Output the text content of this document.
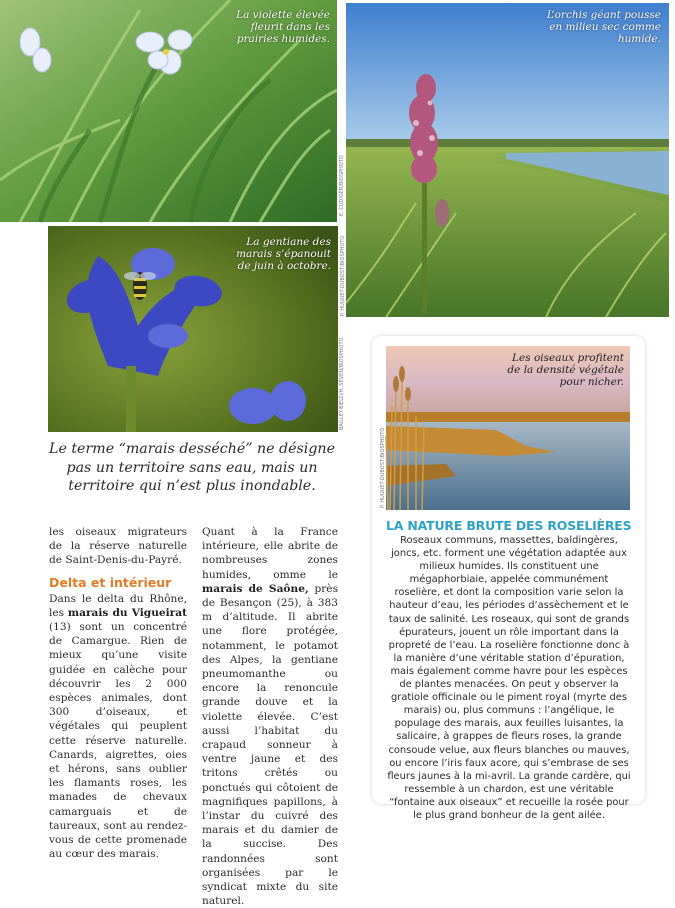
La violette élevée fleurit dans les prairies humides.
L’orchis géant pousse en milieu sec comme humide.
La gentiane des marais s’épanouit de juin à octobre.
E. CUDIGER/BIOSPHOTO
P. HUGUET-DUBOST/BIOSPHOTO
BAILLEY-BIELD/H. SEVEN/BIOSPHOTO
Le terme “marais desséché” ne désigne pas un territoire sans eau, mais un territoire qui n’est plus inondable.

les oiseaux migrateurs de la réserve naturelle de Saint-Denis-du-Payré.

Delta et intérieur

Dans le delta du Rhône, les marais du Vigueirat (13) sont un concentré de Camargue. Rien de mieux qu’une visite guidée en calèche pour découvrir les 2 000 espèces animales, dont 300 d’oiseaux, et végétales qui peuplent cette réserve naturelle. Canards, aigrettes, oies et hérons, sans oublier les flamants roses, les manades de chevaux camarguais et de taureaux, sont au rendez-vous de cette promenade au cœur des marais.

Quant à la France intérieure, elle abrite de nombreuses zones humides, omme le marais de Saône, près de Besançon (25), à 383 m d’altitude. Il abrite une flore protégée, notamment, le potamot des Alpes, la gentiane pneumomanthe ou encore la renoncule grande douve et la violette élevée. C’est aussi l’habitat du crapaud sonneur à ventre jaune et des tritons crêtés ou ponctués qui côtoient de magnifiques papillons, à l’instar du cuivré des marais et du damier de la succise. Des randonnées sont organisées par le syndicat mixte du site naturel.

Les oiseaux profitent de la densité végétale pour nicher.
P. HUGUET-DUBOST/BIOSPHOTO
LA NATURE BRUTE DES ROSELIÈRES

Roseaux communs, massettes, baldingères, joncs, etc. forment une végétation adaptée aux milieux humides. Ils constituent une mégaphorbiaie, appelée communément roselière, et dont la composition varie selon la hauteur d’eau, les périodes d’assèchement et le taux de salinité. Les roseaux, qui sont de grands épurateurs, jouent un rôle important dans la propreté de l’eau. La roselière fonctionne donc à la manière d’une véritable station d’épuration, mais également comme havre pour les espèces de plantes menacées. On peut y observer la gratiole officinale ou le piment royal (myrte des marais) ou, plus communs : l’angélique, le populage des marais, aux feuilles luisantes, la salicaire, à grappes de fleurs roses, la grande consoude velue, aux fleurs blanches ou mauves, ou encore l’iris faux acore, qui s’embrase de ses fleurs jaunes à la mi-avril. La grande cardère, qui ressemble à un chardon, est une véritable “fontaine aux oiseaux” et recueille la rosée pour le plus grand bonheur de la gent ailée.
